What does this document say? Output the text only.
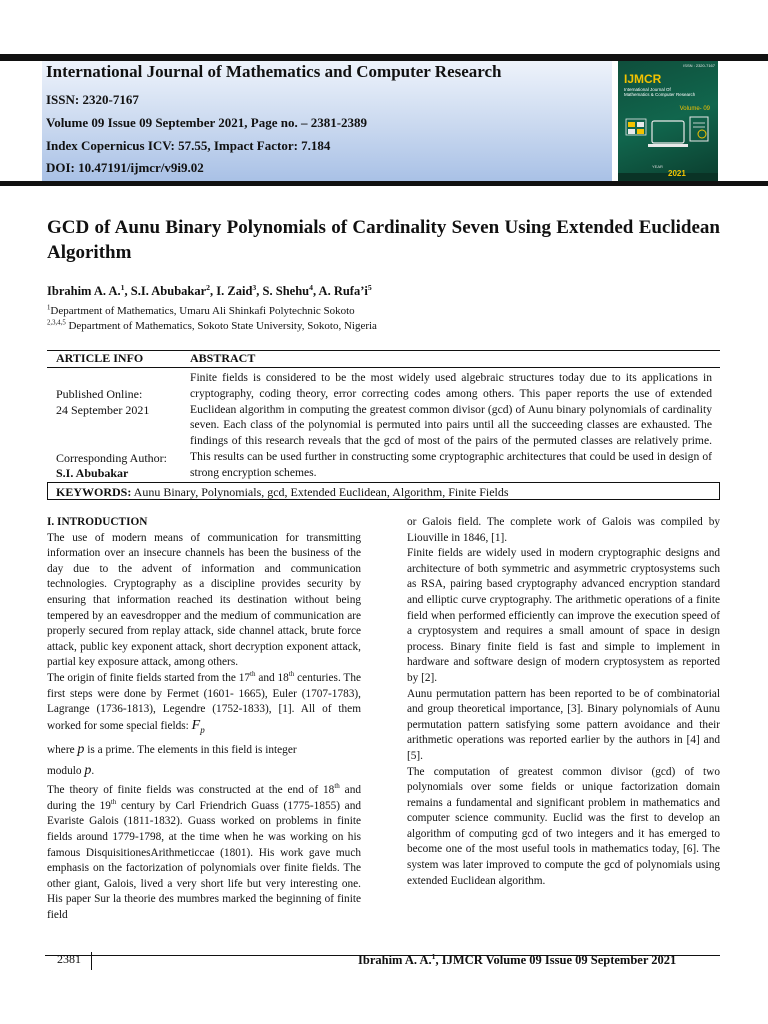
International Journal of Mathematics and Computer Research
ISSN: 2320-7167
Volume 09 Issue 09 September 2021, Page no. – 2381-2389
Index Copernicus ICV: 57.55, Impact Factor: 7.184
DOI: 10.47191/ijmcr/v9i9.02
ISSN : 2320-7167
IJMCR
International Journal Of
Mathematics & Computer Research
Volume- 09
YEAR
2021
GCD of Aunu Binary Polynomials of Cardinality Seven Using Extended Euclidean Algorithm
Ibrahim A. A.$^1$, S.I. Abubakar$^2$, I. Zaid$^3$, S. Shehu$^4$, A. $Rufa’i^5$
$^1$Department of Mathematics, Umaru Ali Shinkafi Polytechnic Sokoto
$^{2,3,4,5}$ Department of Mathematics, Sokoto State University, Sokoto, Nigeria
ARTICLE INFO	ABSTRACT
Published Online:
24 September 2021
Corresponding Author:
S.I. Abubakar
Finite fields is considered to be the most widely used algebraic structures today due to its applications in cryptography, coding theory, error correcting codes among others. This paper reports the use of extended Euclidean algorithm in computing the greatest common divisor (gcd) of Aunu binary polynomials of cardinality seven. Each class of the polynomial is permuted into pairs until all the succeeding classes are exhausted. The findings of this research reveals that the gcd of most of the pairs of the permuted classes are relatively prime. This results can be used further in constructing some cryptographic architectures that could be used in design of strong encryption schemes.
KEYWORDS: Aunu Binary, Polynomials, gcd, Extended Euclidean, Algorithm, Finite Fields

I. INTRODUCTION

The use of modern means of communication for transmitting information over an insecure channels has been the business of the day due to the advent of information and communication technologies. Cryptography as a discipline provides security by ensuring that information reached its destination without being tempered by an eavesdropper and the medium of communication are properly secured from replay attack, side channel attack, brute force attack, public key exponent attack, short decryption exponent attack, partial key exposure attack, among others.

The origin of finite fields started from the 17th and 18th centuries. The first steps were done by Fermet (1601- 1665), Euler (1707-1783), Lagrange (1736-1813), Legendre (1752-1833), [1]. All of them worked for some special fields: $F_p$

where p is a prime. The elements in this field is integer

modulo p.

The theory of finite fields was constructed at the end of 18th and during the 19th century by Carl Friendrich Guass (1775-1855) and Evariste Galois (1811-1832). Guass worked on problems in finite fields around 1779-1798, at the time when he was working on his famous DisquisitionesArithmeticcae (1801). His work gave much emphasis on the factorization of polynomials over finite fields. The other giant, Galois, lived a very short life but very interesting one. His paper Sur la theorie des mumbres marked the beginning of finite field

or Galois field. The complete work of Galois was compiled by Liouville in 1846, [1].

Finite fields are widely used in modern cryptographic designs and architecture of both symmetric and asymmetric cryptosystems such as RSA, pairing based cryptography advanced encryption standard and elliptic curve cryptography. The arithmetic operations of a finite field when performed efficiently can improve the execution speed of a cryptosystem and requires a small amount of space in design process. Binary finite field is fast and simple to implement in hardware and software design of modern cryptosystem as reported by [2].

Aunu permutation pattern has been reported to be of combinatorial and group theoretical importance, [3]. Binary polynomials of Aunu permutation pattern satisfying some pattern avoidance and their arithmetic operations was reported earlier by the authors in [4] and [5].

The computation of greatest common divisor (gcd) of two polynomials over some fields or unique factorization domain remains a fundamental and significant problem in mathematics and computer science community. Euclid was the first to develop an algorithm of computing gcd of two integers and it has emerged to become one of the most useful tools in mathematics today, [6]. The system was later improved to compute the gcd of polynomials using extended Euclidean algorithm.

2381	Ibrahim A. A.$^1$, IJMCR Volume 09 Issue 09 September 2021
